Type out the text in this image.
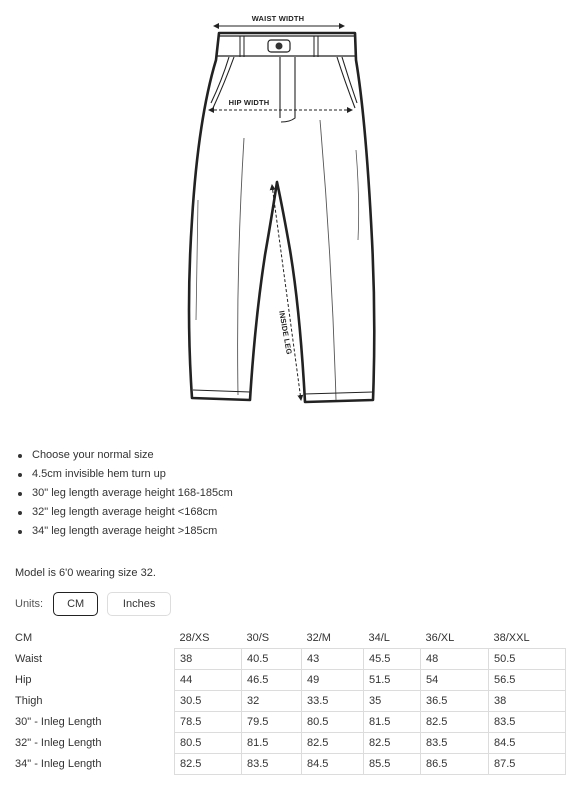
WAIST WIDTH
HIP WIDTH
INSIDE LEG
Choose your normal size
4.5cm invisible hem turn up
30" leg length average height 168-185cm
32" leg length average height <168cm
34" leg length average height >185cm
Model is 6'0 wearing size 32.
Units:	CM	Inches
CM	28/XS	30/S	32/M	34/L	36/XL	38/XXL
Waist	38	40.5	43	45.5	48	50.5
Hip	44	46.5	49	51.5	54	56.5
Thigh	30.5	32	33.5	35	36.5	38
30" - Inleg Length	78.5	79.5	80.5	81.5	82.5	83.5
32" - Inleg Length	80.5	81.5	82.5	82.5	83.5	84.5
34" - Inleg Length	82.5	83.5	84.5	85.5	86.5	87.5
